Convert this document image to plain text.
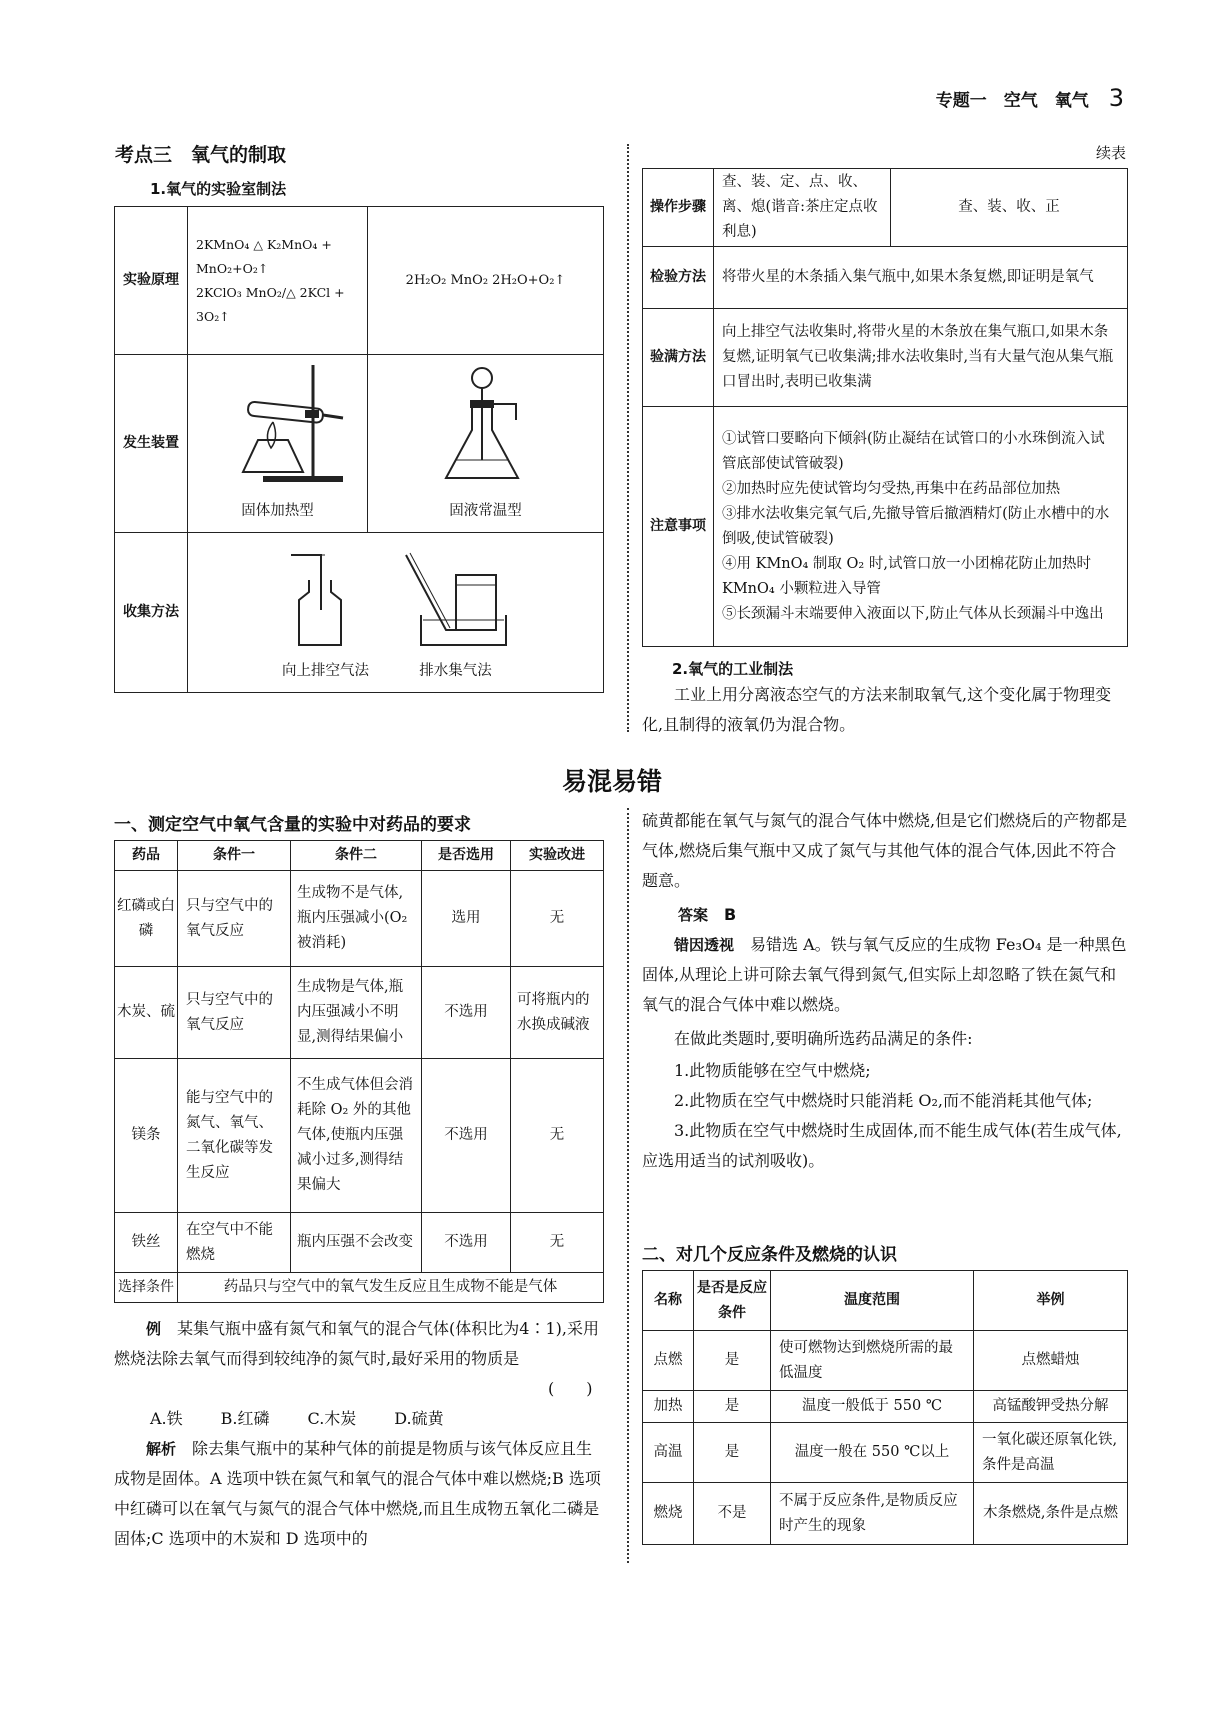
专题一　空气　氧气 3
考点三　氧气的制取
1.氧气的实验室制法
实验原理	2KMnO₄ △ K₂MnO₄ +
MnO₂+O₂↑
2KClO₃ MnO₂/△ 2KCl +
3O₂↑	2H₂O₂ MnO₂ 2H₂O+O₂↑
发生装置	固体加热型	固液常温型

收集方法	向上排空气法 排水集气法	
续表
操作步骤	查、装、定、点、收、离、熄(谐音:茶庄定点收利息)	查、装、收、正
检验方法	将带火星的木条插入集气瓶中,如果木条复燃,即证明是氧气	
验满方法	向上排空气法收集时,将带火星的木条放在集气瓶口,如果木条复燃,证明氧气已收集满;排水法收集时,当有大量气泡从集气瓶口冒出时,表明已收集满	
注意事项	①试管口要略向下倾斜(防止凝结在试管口的小水珠倒流入试管底部使试管破裂)
②加热时应先使试管均匀受热,再集中在药品部位加热
③排水法收集完氧气后,先撤导管后撤酒精灯(防止水槽中的水倒吸,使试管破裂)
④用 KMnO₄ 制取 O₂ 时,试管口放一小团棉花防止加热时 KMnO₄ 小颗粒进入导管
⑤长颈漏斗末端要伸入液面以下,防止气体从长颈漏斗中逸出	
2.氧气的工业制法
工业上用分离液态空气的方法来制取氧气,这个变化属于物理变化,且制得的液氧仍为混合物。
易混易错
一、测定空气中氧气含量的实验中对药品的要求
药品	条件一	条件二	是否选用	实验改进
红磷或白磷	只与空气中的氧气反应	生成物不是气体,瓶内压强减小(O₂被消耗)	选用	无
木炭、硫	只与空气中的氧气反应	生成物是气体,瓶内压强减小不明显,测得结果偏小	不选用	可将瓶内的水换成碱液
镁条	能与空气中的氮气、氧气、二氧化碳等发生反应	不生成气体但会消耗除 O₂ 外的其他气体,使瓶内压强减小过多,测得结果偏大	不选用	无
铁丝	在空气中不能燃烧	瓶内压强不会改变	不选用	无
选择条件	药品只与空气中的氧气发生反应且生成物不能是气体			
例　 某集气瓶中盛有氮气和氧气的混合气体(体积比为4∶1),采用燃烧法除去氧气而得到较纯净的氮气时,最好采用的物质是
(　　)
A.铁 B.红磷 C.木炭 D.硫黄
解析　 除去集气瓶中的某种气体的前提是物质与该气体反应且生成物是固体。A 选项中铁在氮气和氧气的混合气体中难以燃烧;B 选项中红磷可以在氧气与氮气的混合气体中燃烧,而且生成物五氧化二磷是固体;C 选项中的木炭和 D 选项中的
硫黄都能在氧气与氮气的混合气体中燃烧,但是它们燃烧后的产物都是气体,燃烧后集气瓶中又成了氮气与其他气体的混合气体,因此不符合题意。
答案　 B
错因透视　 易错选 A。铁与氧气反应的生成物 Fe₃O₄ 是一种黑色固体,从理论上讲可除去氧气得到氮气,但实际上却忽略了铁在氮气和氧气的混合气体中难以燃烧。
在做此类题时,要明确所选药品满足的条件:
1.此物质能够在空气中燃烧;
2.此物质在空气中燃烧时只能消耗 O₂,而不能消耗其他气体;
3.此物质在空气中燃烧时生成固体,而不能生成气体(若生成气体,应选用适当的试剂吸收)。
二、对几个反应条件及燃烧的认识
名称	是否是反应条件	温度范围	举例
点燃	是	使可燃物达到燃烧所需的最低温度	点燃蜡烛
加热	是	温度一般低于 550 ℃	高锰酸钾受热分解
高温	是	温度一般在 550 ℃以上	一氧化碳还原氧化铁,条件是高温
燃烧	不是	不属于反应条件,是物质反应时产生的现象	木条燃烧,条件是点燃
